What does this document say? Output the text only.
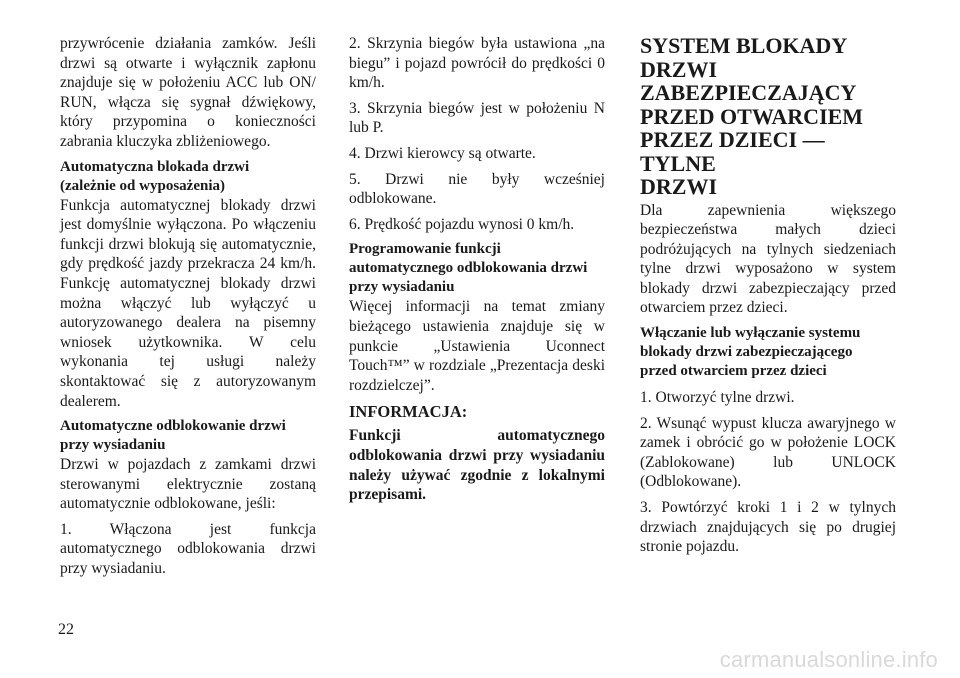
przywrócenie działania zamków. Jeśli drzwi są otwarte i wyłącznik zapłonu znajduje się w położeniu ACC lub ON/ RUN, włącza się sygnał dźwiękowy, który przypomina o konieczności zabrania kluczyka zbliżeniowego.

Automatyczna blokada drzwi
(zależnie od wyposażenia)

Funkcja automatycznej blokady drzwi jest domyślnie wyłączona. Po włączeniu funkcji drzwi blokują się automatycznie, gdy prędkość jazdy przekracza 24 km/h. Funkcję automatycznej blokady drzwi można włączyć lub wyłączyć u autoryzowanego dealera na pisemny wniosek użytkownika. W celu wykonania tej usługi należy skontaktować się z autoryzowanym dealerem.

Automatyczne odblokowanie drzwi
przy wysiadaniu

Drzwi w pojazdach z zamkami drzwi sterowanymi elektrycznie zostaną automatycznie odblokowane, jeśli:

1. Włączona jest funkcja automatycznego odblokowania drzwi przy wysiadaniu.

2. Skrzynia biegów była ustawiona „na biegu” i pojazd powrócił do prędkości 0 km/h.

3. Skrzynia biegów jest w położeniu N lub P.

4. Drzwi kierowcy są otwarte.

5. Drzwi nie były wcześniej odblokowane.

6. Prędkość pojazdu wynosi 0 km/h.

Programowanie funkcji
automatycznego odblokowania drzwi
przy wysiadaniu

Więcej informacji na temat zmiany bieżącego ustawienia znajduje się w punkcie „Ustawienia Uconnect Touch™” w rozdziale „Prezentacja deski rozdzielczej”.

INFORMACJA:

Funkcji automatycznego odblokowania drzwi przy wysiadaniu należy używać zgodnie z lokalnymi przepisami.

SYSTEM BLOKADY
DRZWI
ZABEZPIECZAJĄCY
PRZED OTWARCIEM
PRZEZ DZIECI — TYLNE
DRZWI

Dla zapewnienia większego bezpieczeństwa małych dzieci podróżujących na tylnych siedzeniach tylne drzwi wyposażono w system blokady drzwi zabezpieczający przed otwarciem przez dzieci.

Włączanie lub wyłączanie systemu
blokady drzwi zabezpieczającego
przed otwarciem przez dzieci

1. Otworzyć tylne drzwi.

2. Wsunąć wypust klucza awaryjnego w zamek i obrócić go w położenie LOCK (Zablokowane) lub UNLOCK (Odblokowane).

3. Powtórzyć kroki 1 i 2 w tylnych drzwiach znajdujących się po drugiej stronie pojazdu.

22
carmanualsonline.info
